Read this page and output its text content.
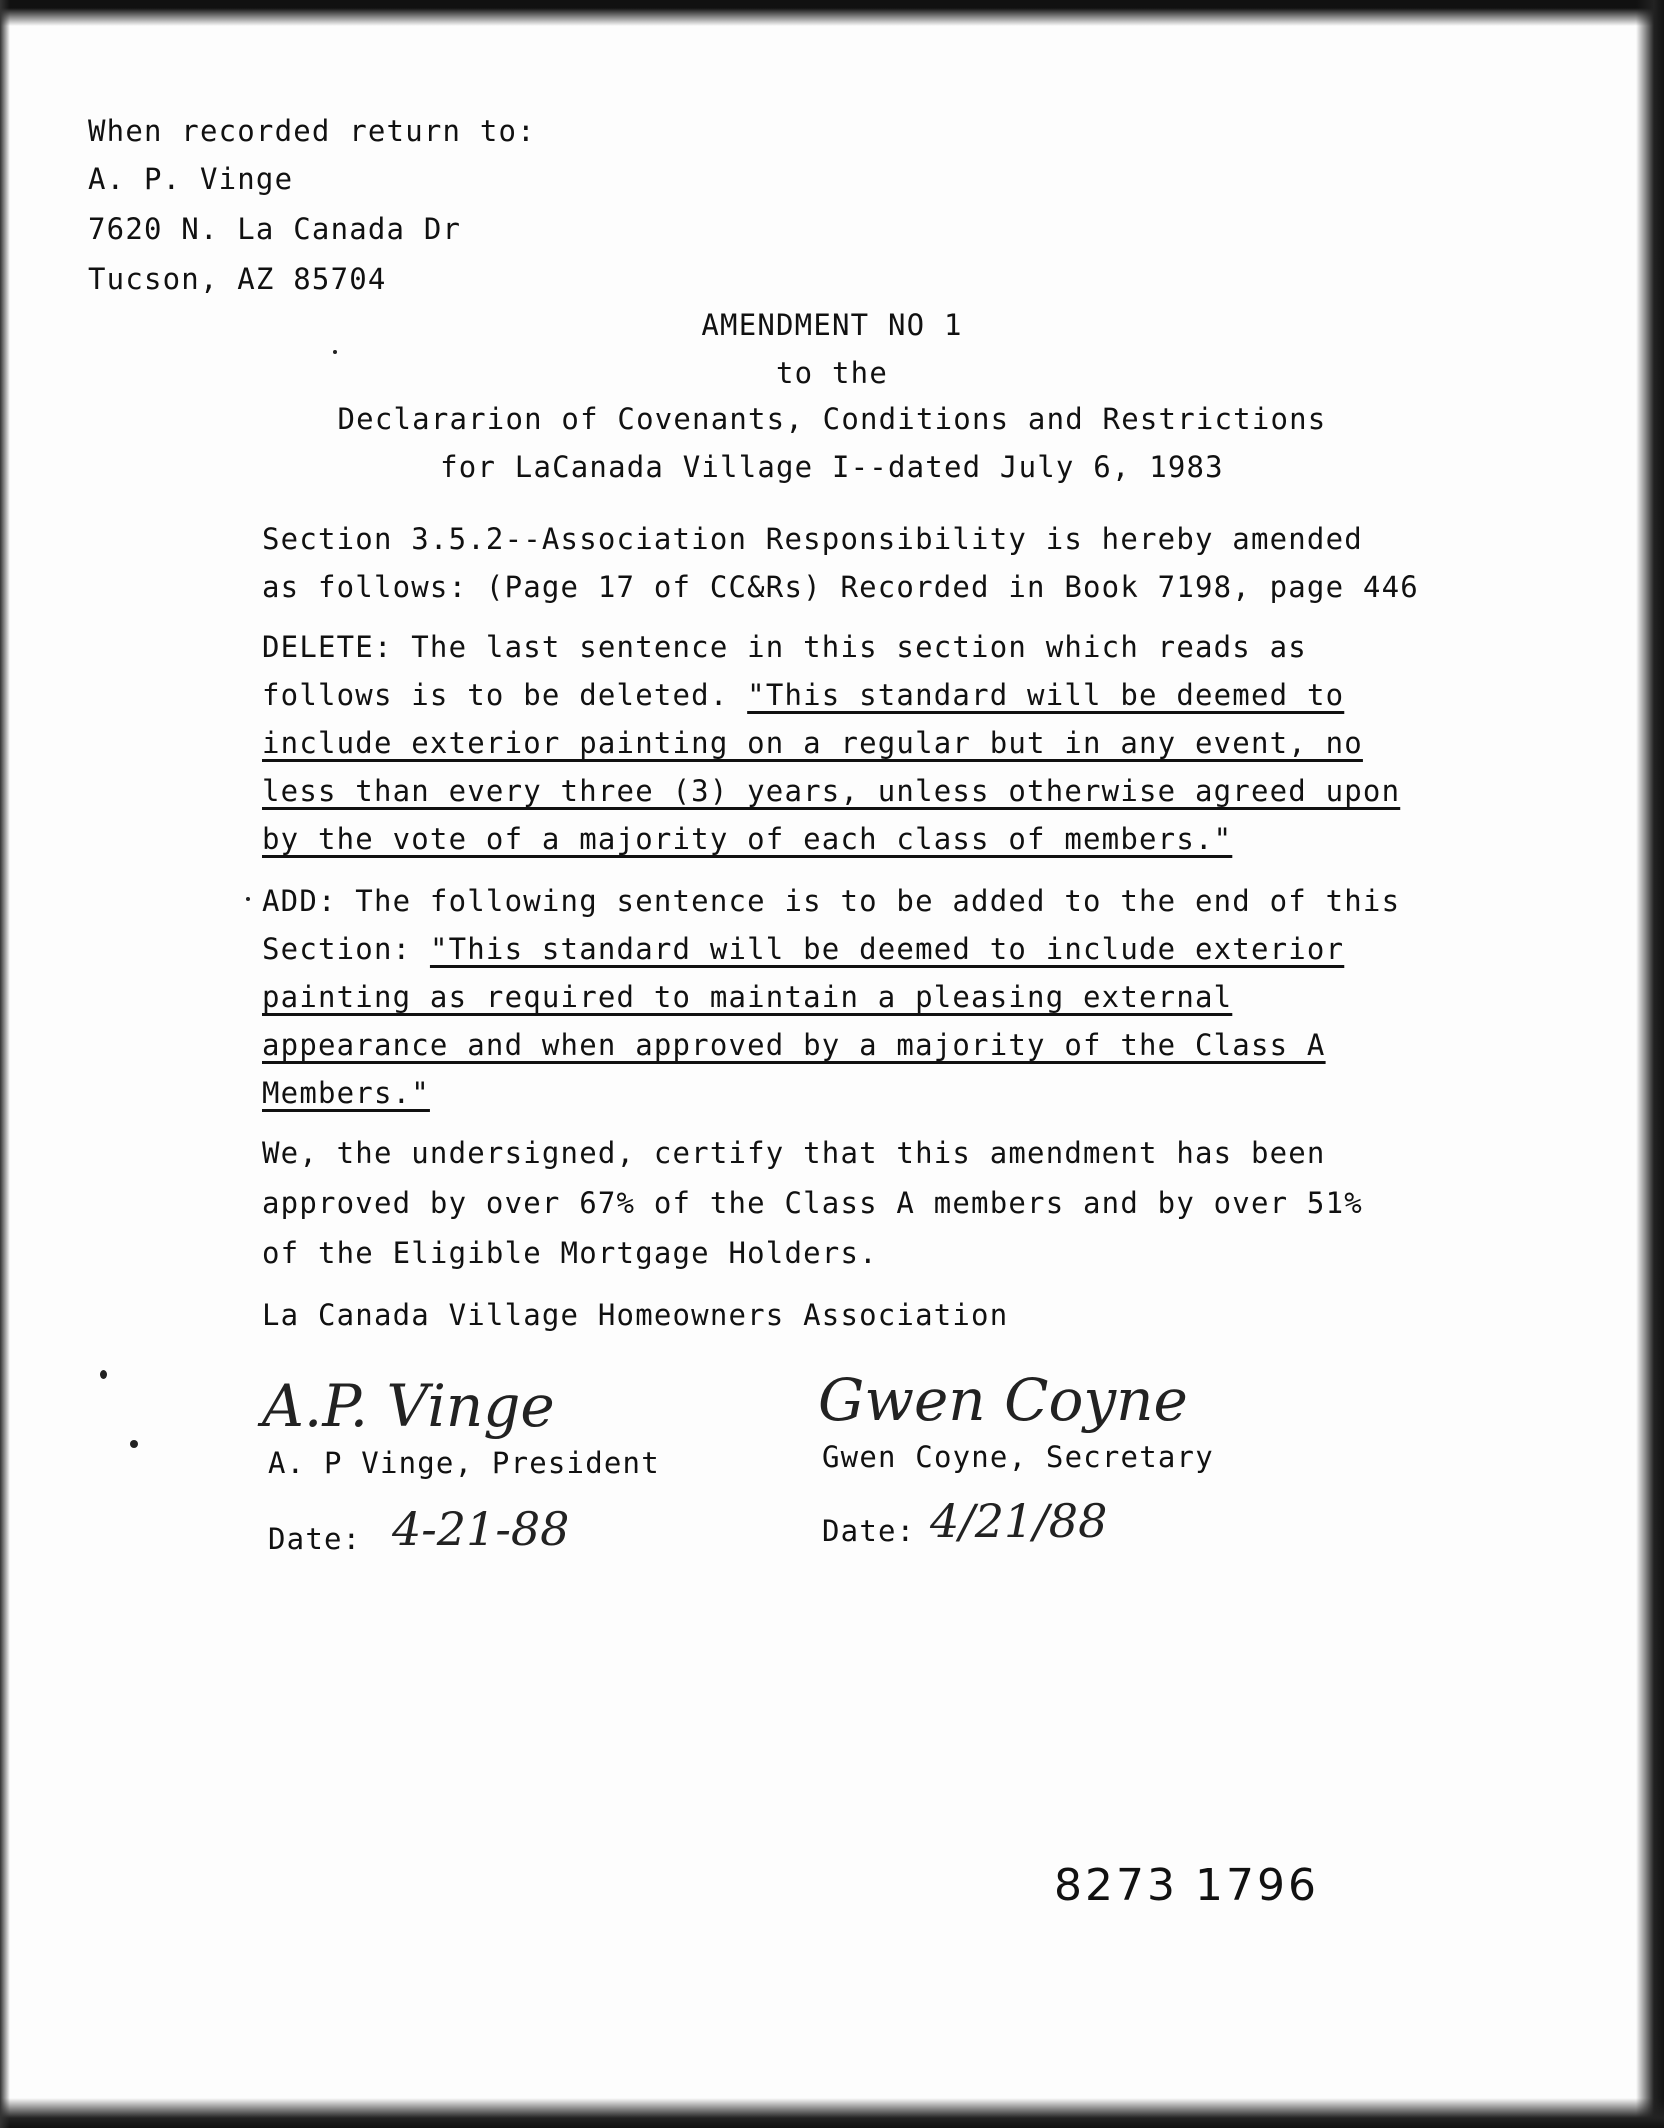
When recorded return to:
A. P. Vinge
7620 N. La Canada Dr
Tucson, AZ 85704
AMENDMENT NO 1
to the
Declararion of Covenants, Conditions and Restrictions
for LaCanada Village I--dated July 6, 1983
Section 3.5.2--Association Responsibility is hereby amended
as follows: (Page 17 of CC&Rs) Recorded in Book 7198, page 446
DELETE: The last sentence in this section which reads as
follows is to be deleted. "This standard will be deemed to
include exterior painting on a regular but in any event, no
less than every three (3) years, unless otherwise agreed upon
by the vote of a majority of each class of members."
ADD: The following sentence is to be added to the end of this
Section: "This standard will be deemed to include exterior
painting as required to maintain a pleasing external
appearance and when approved by a majority of the Class A
Members."
We, the undersigned, certify that this amendment has been
approved by over 67% of the Class A members and by over 51%
of the Eligible Mortgage Holders.
La Canada Village Homeowners Association
A.P. Vinge
A. P Vinge, President
Date: 4-21-88
Gwen Coyne
Gwen Coyne, Secretary
Date: 4/21/88
8273 1796
